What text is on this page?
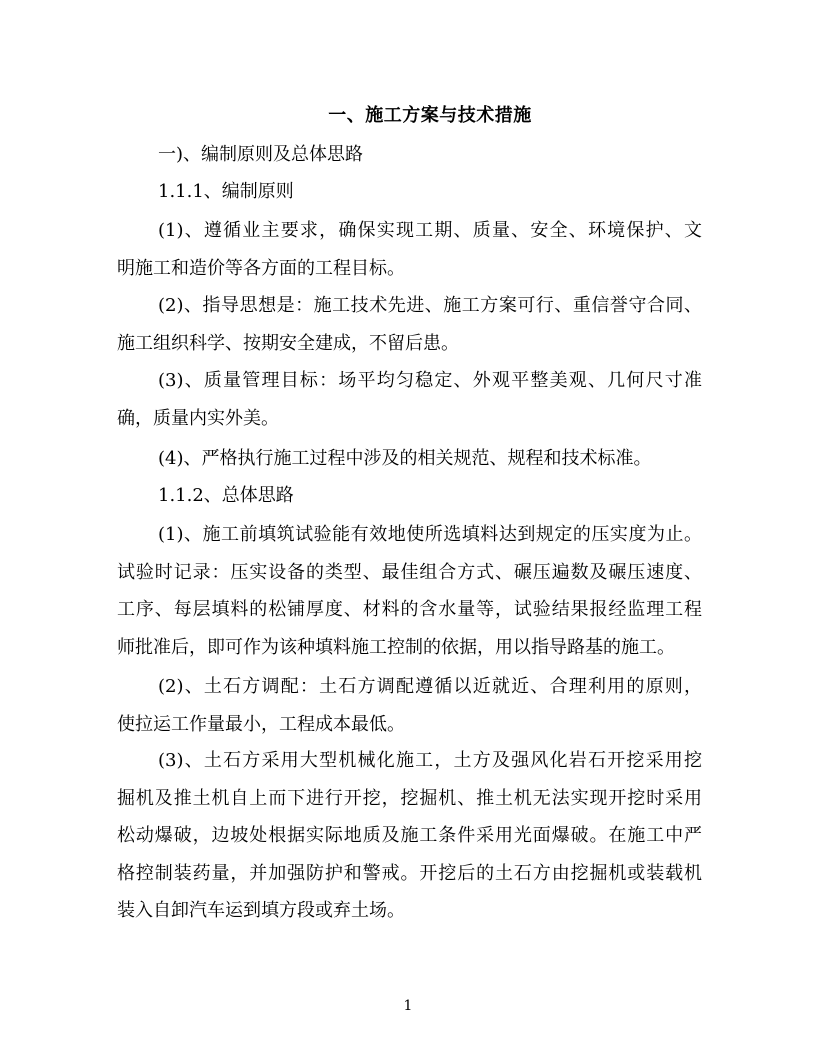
一、施工方案与技术措施
一)、编制原则及总体思路
1.1.1、编制原则
(1)、遵循业主要求，确保实现工期、质量、安全、环境保护、文
明施工和造价等各方面的工程目标。
(2)、指导思想是：施工技术先进、施工方案可行、重信誉守合同、
施工组织科学、按期安全建成，不留后患。
(3)、质量管理目标：场平均匀稳定、外观平整美观、几何尺寸准
确，质量内实外美。
(4)、严格执行施工过程中涉及的相关规范、规程和技术标准。
1.1.2、总体思路
(1)、施工前填筑试验能有效地使所选填料达到规定的压实度为止。
试验时记录：压实设备的类型、最佳组合方式、碾压遍数及碾压速度、
工序、每层填料的松铺厚度、材料的含水量等，试验结果报经监理工程
师批准后，即可作为该种填料施工控制的依据，用以指导路基的施工。
(2)、土石方调配：土石方调配遵循以近就近、合理利用的原则，
使拉运工作量最小，工程成本最低。
(3)、土石方采用大型机械化施工，土方及强风化岩石开挖采用挖
掘机及推土机自上而下进行开挖，挖掘机、推土机无法实现开挖时采用
松动爆破，边坡处根据实际地质及施工条件采用光面爆破。在施工中严
格控制装药量，并加强防护和警戒。开挖后的土石方由挖掘机或装载机
装入自卸汽车运到填方段或弃土场。
1
